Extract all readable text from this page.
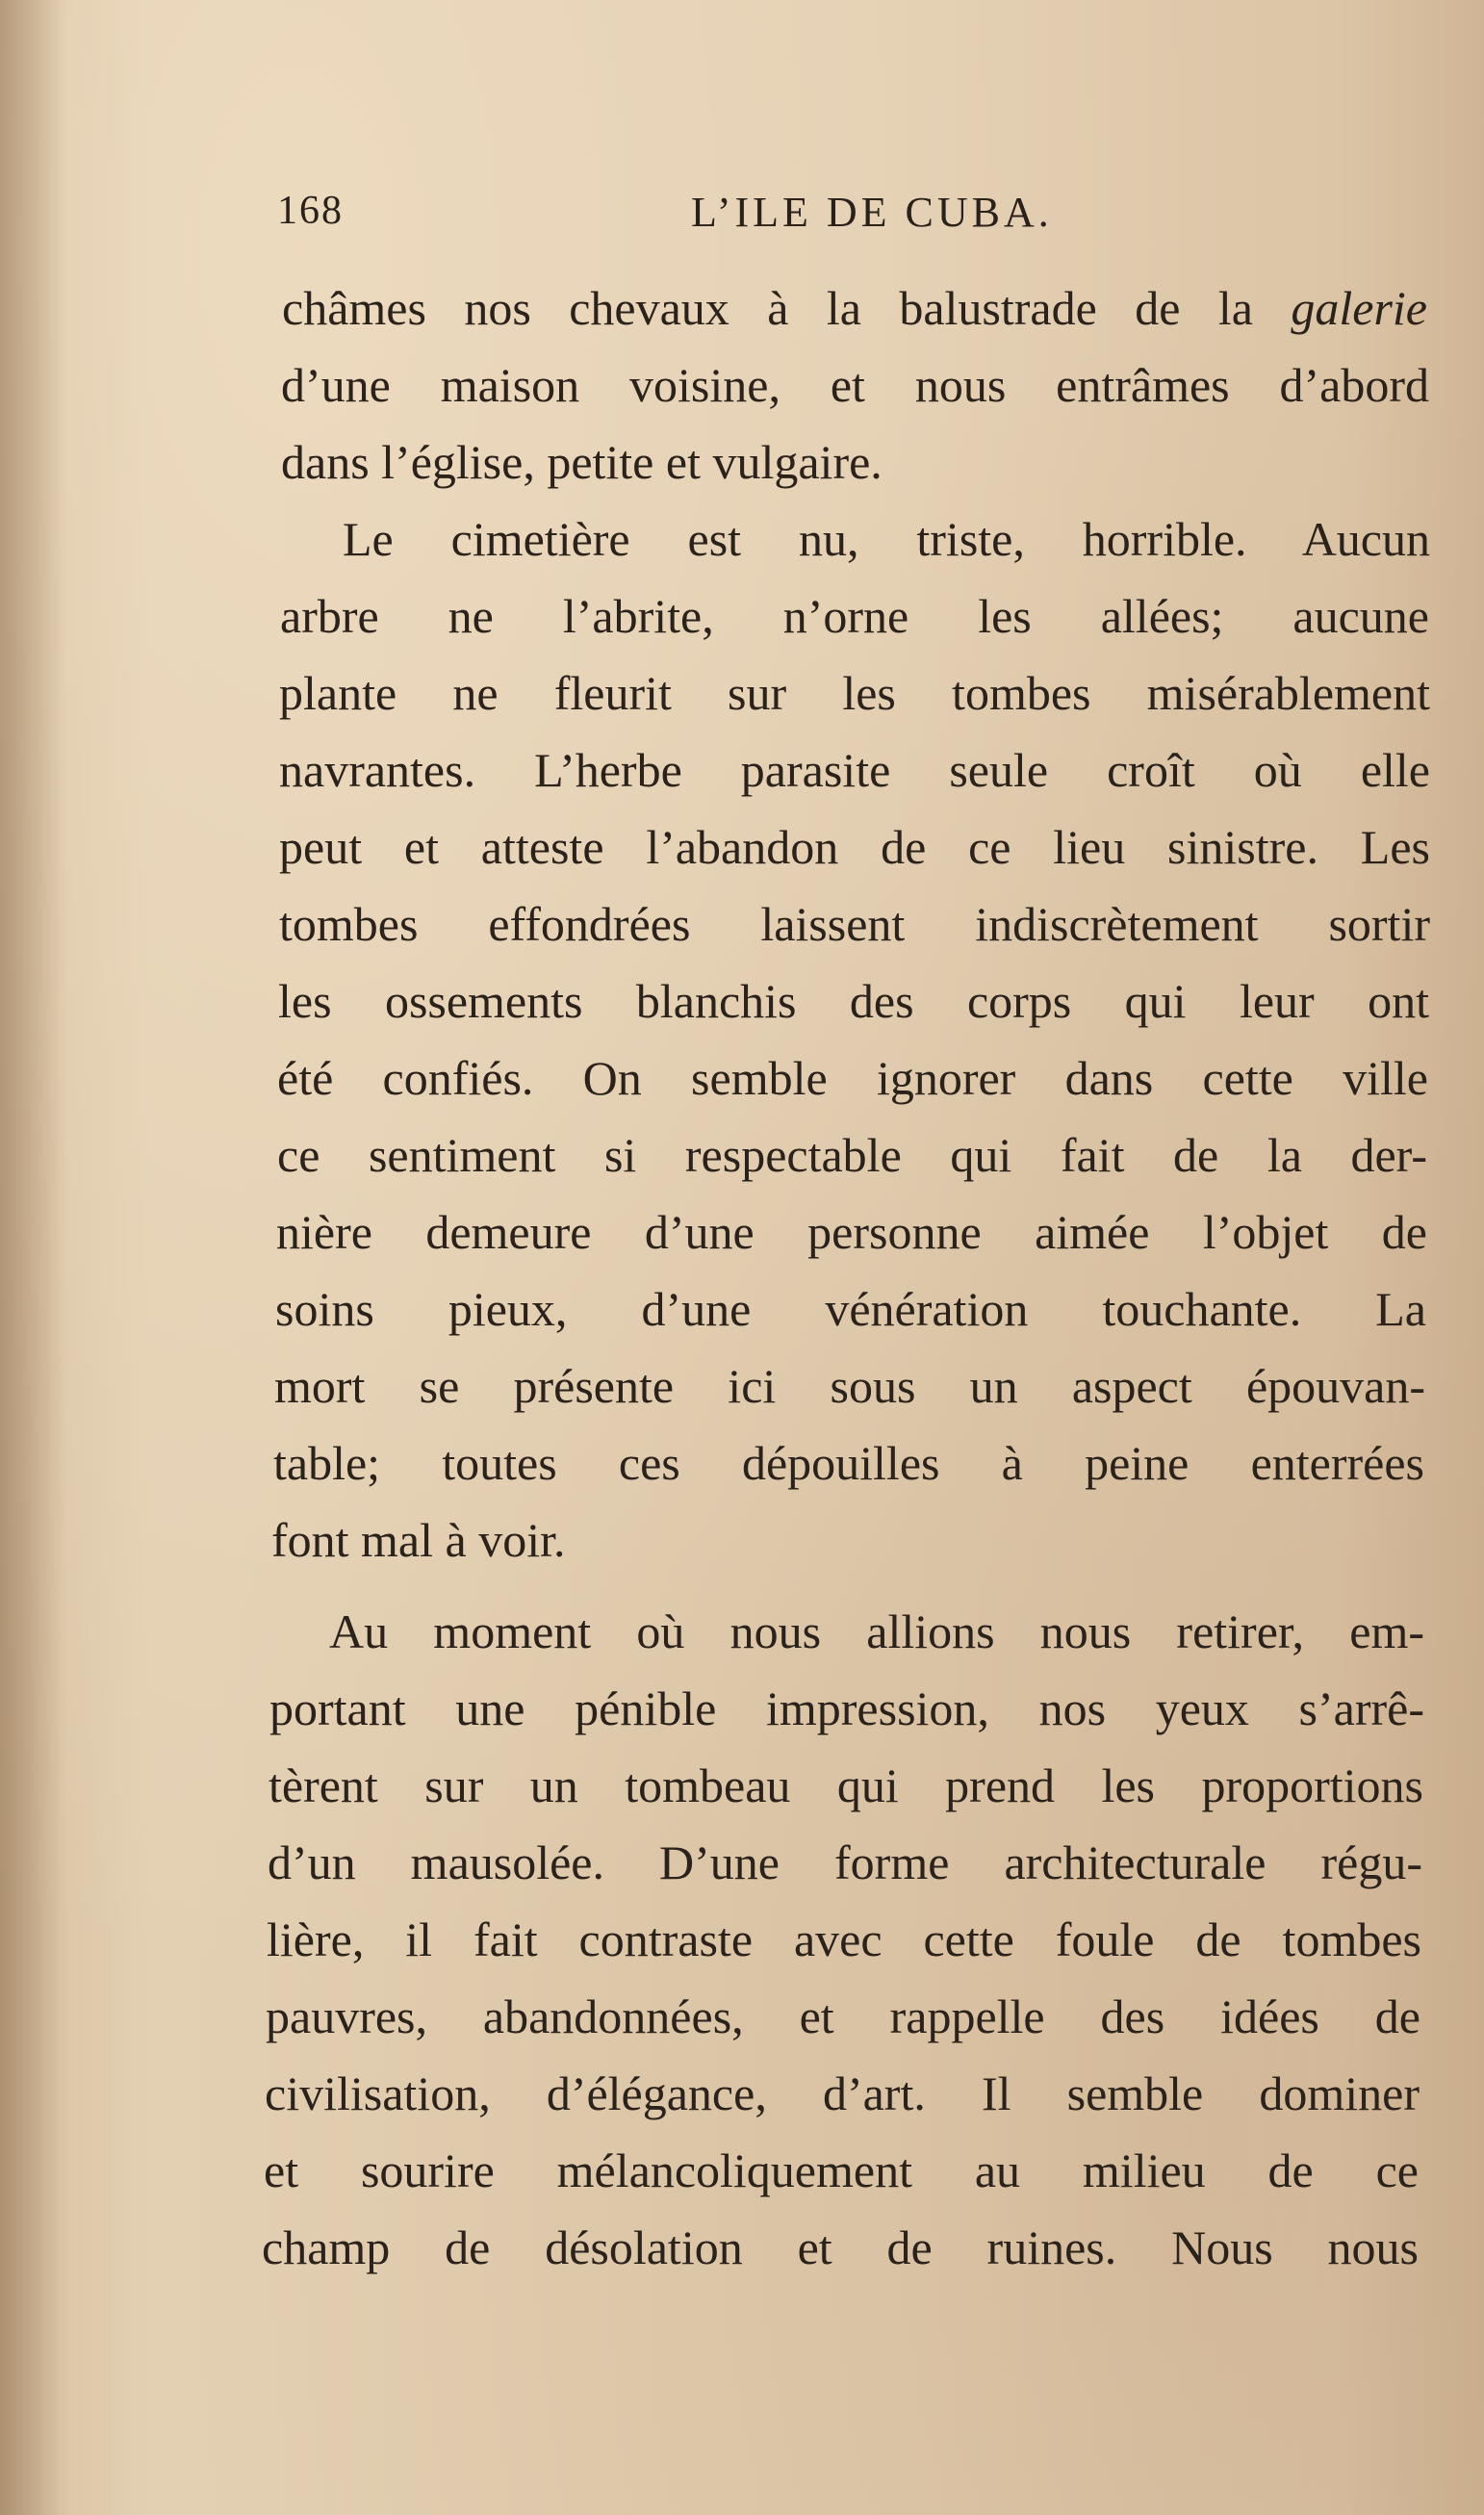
168	L’ILE DE CUBA.
châmes nos chevaux à la balustrade de la galerie
d’une maison voisine, et nous entrâmes d’abord
dans l’église, petite et vulgaire.
Le cimetière est nu, triste, horrible. Aucun
arbre ne l’abrite, n’orne les allées; aucune
plante ne fleurit sur les tombes misérablement
navrantes. L’herbe parasite seule croît où elle
peut et atteste l’abandon de ce lieu sinistre. Les
tombes effondrées laissent indiscrètement sortir
les ossements blanchis des corps qui leur ont
été confiés. On semble ignorer dans cette ville
ce sentiment si respectable qui fait de la der-
nière demeure d’une personne aimée l’objet de
soins pieux, d’une vénération touchante. La
mort se présente ici sous un aspect épouvan-
table; toutes ces dépouilles à peine enterrées
font mal à voir.
Au moment où nous allions nous retirer, em-
portant une pénible impression, nos yeux s’arrê-
tèrent sur un tombeau qui prend les proportions
d’un mausolée. D’une forme architecturale régu-
lière, il fait contraste avec cette foule de tombes
pauvres, abandonnées, et rappelle des idées de
civilisation, d’élégance, d’art. Il semble dominer
et sourire mélancoliquement au milieu de ce
champ de désolation et de ruines. Nous nous
